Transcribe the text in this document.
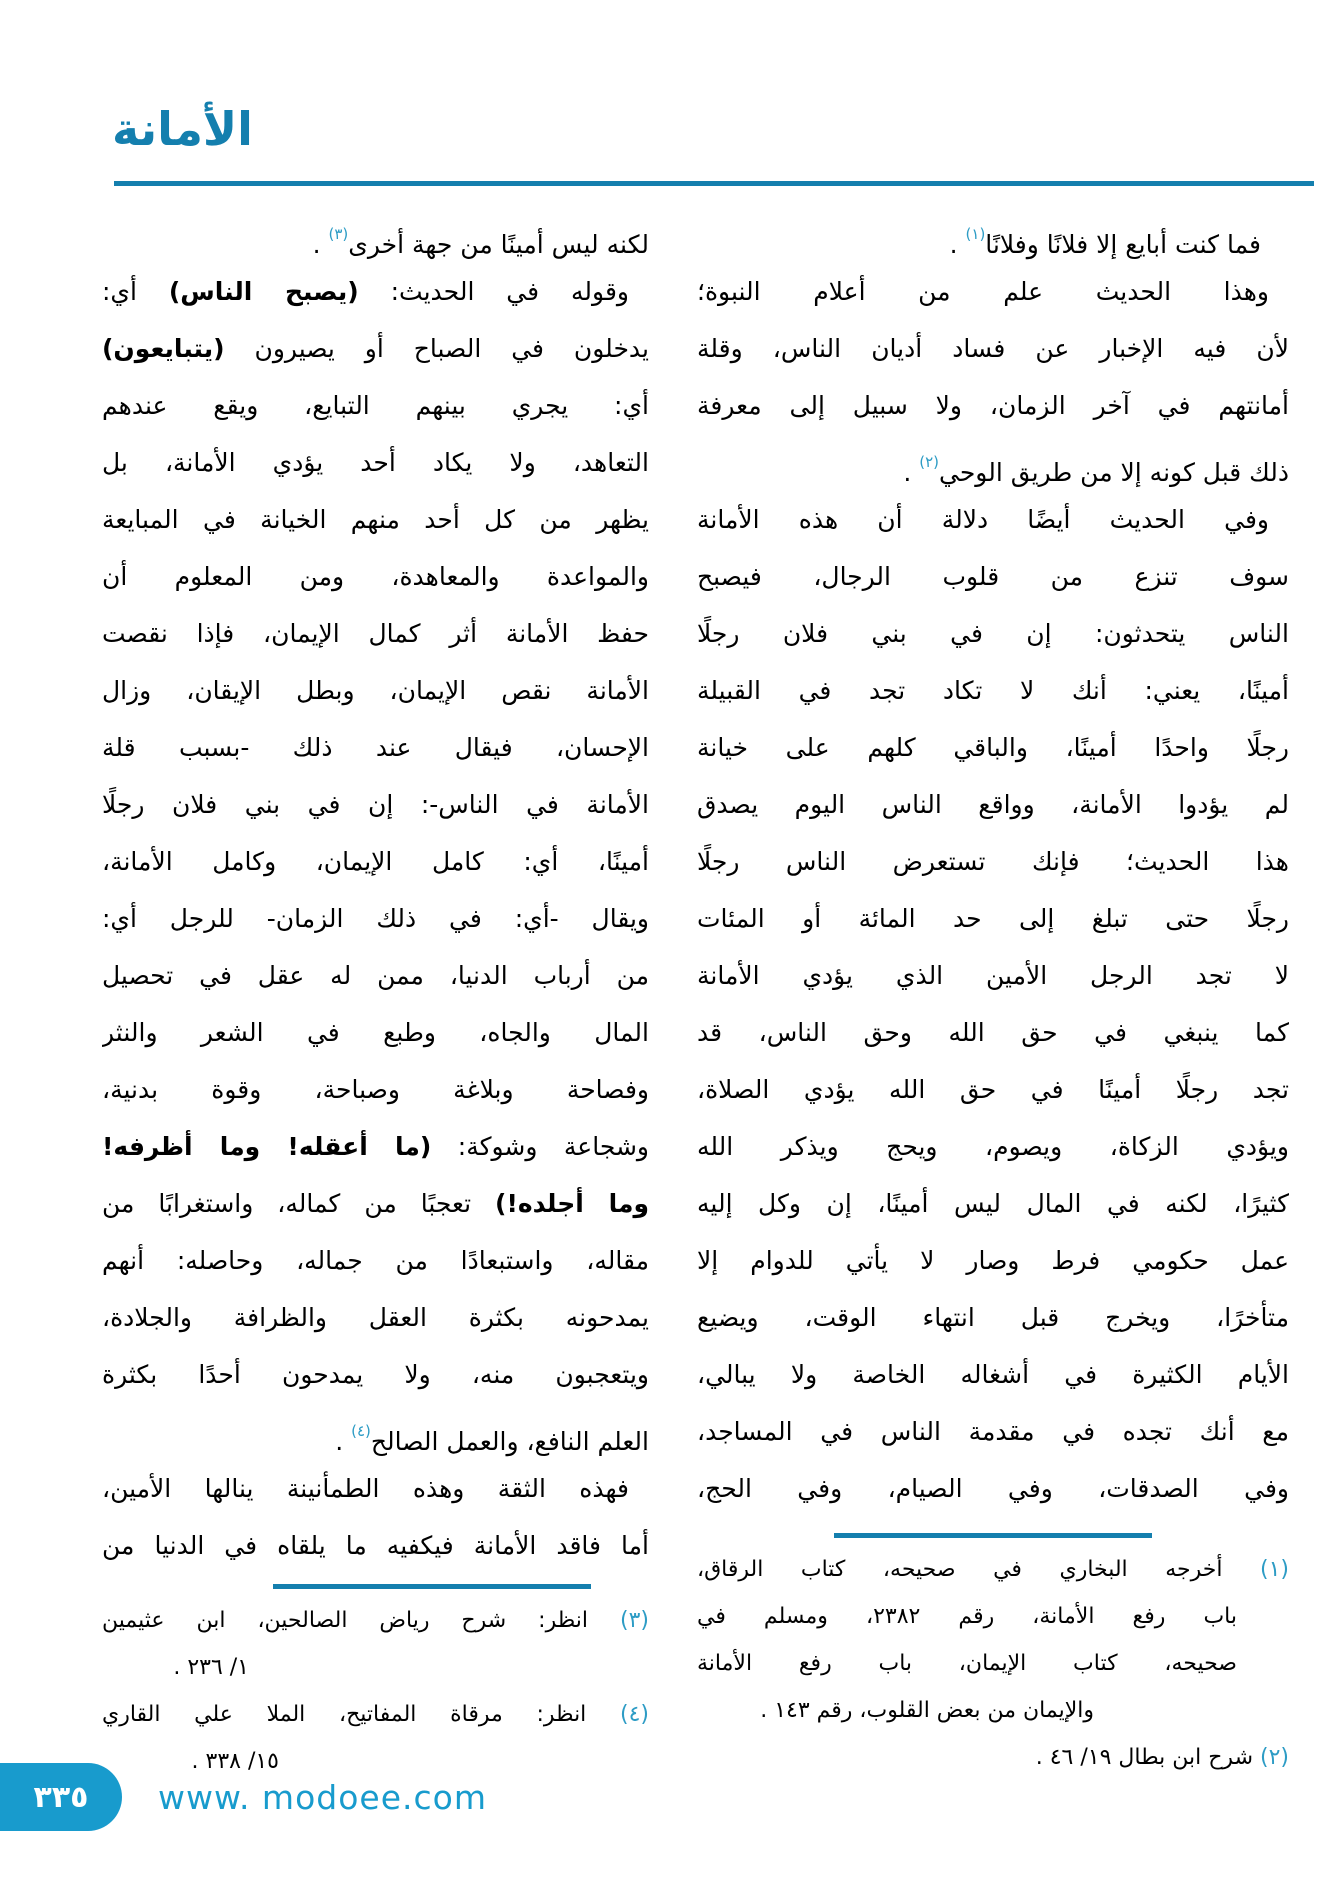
الأمانة
فما كنت أبايع إلا فلانًا وفلانًا$^{(١)}$ .
وهذا الحديث علم من أعلام النبوة؛
لأن فيه الإخبار عن فساد أديان الناس، وقلة
أمانتهم في آخر الزمان، ولا سبيل إلى معرفة
ذلك قبل كونه إلا من طريق الوحي$^{(٢)}$ .
وفي الحديث أيضًا دلالة أن هذه الأمانة
سوف تنزع من قلوب الرجال، فيصبح
الناس يتحدثون: إن في بني فلان رجلًا
أمينًا، يعني: أنك لا تكاد تجد في القبيلة
رجلًا واحدًا أمينًا، والباقي كلهم على خيانة
لم يؤدوا الأمانة، وواقع الناس اليوم يصدق
هذا الحديث؛ فإنك تستعرض الناس رجلًا
رجلًا حتى تبلغ إلى حد المائة أو المئات
لا تجد الرجل الأمين الذي يؤدي الأمانة
كما ينبغي في حق الله وحق الناس، قد
تجد رجلًا أمينًا في حق الله يؤدي الصلاة،
ويؤدي الزكاة، ويصوم، ويحج ويذكر الله
كثيرًا، لكنه في المال ليس أمينًا، إن وكل إليه
عمل حكومي فرط وصار لا يأتي للدوام إلا
متأخرًا، ويخرج قبل انتهاء الوقت، ويضيع
الأيام الكثيرة في أشغاله الخاصة ولا يبالي،
مع أنك تجده في مقدمة الناس في المساجد،
وفي الصدقات، وفي الصيام، وفي الحج،
(١) أخرجه البخاري في صحيحه، كتاب الرقاق،
باب رفع الأمانة، رقم ٢٣٨٢، ومسلم في
صحيحه، كتاب الإيمان، باب رفع الأمانة
والإيمان من بعض القلوب، رقم ١٤٣ .
(٢) شرح ابن بطال ١٩/ ٤٦ .
لكنه ليس أمينًا من جهة أخرى$^{(٣)}$ .
وقوله في الحديث: (يصبح الناس) أي:
يدخلون في الصباح أو يصيرون (يتبايعون)
أي: يجري بينهم التبايع، ويقع عندهم
التعاهد، ولا يكاد أحد يؤدي الأمانة، بل
يظهر من كل أحد منهم الخيانة في المبايعة
والمواعدة والمعاهدة، ومن المعلوم أن
حفظ الأمانة أثر كمال الإيمان، فإذا نقصت
الأمانة نقص الإيمان، وبطل الإيقان، وزال
الإحسان، فيقال عند ذلك -بسبب قلة
الأمانة في الناس-: إن في بني فلان رجلًا
أمينًا، أي: كامل الإيمان، وكامل الأمانة،
ويقال -أي: في ذلك الزمان- للرجل أي:
من أرباب الدنيا، ممن له عقل في تحصيل
المال والجاه، وطبع في الشعر والنثر
وفصاحة وبلاغة وصباحة، وقوة بدنية،
وشجاعة وشوكة: (ما أعقله! وما أظرفه!
وما أجلده!) تعجبًا من كماله، واستغرابًا من
مقاله، واستبعادًا من جماله، وحاصله: أنهم
يمدحونه بكثرة العقل والظرافة والجلادة،
ويتعجبون منه، ولا يمدحون أحدًا بكثرة
العلم النافع، والعمل الصالح$^{(٤)}$ .
فهذه الثقة وهذه الطمأنينة ينالها الأمين،
أما فاقد الأمانة فيكفيه ما يلقاه في الدنيا من
(٣) انظر: شرح رياض الصالحين، ابن عثيمين
١/ ٢٣٦ .
(٤) انظر: مرقاة المفاتيح، الملا علي القاري
١٥/ ٣٣٨ .
٣٣٥ www. modoee.com
